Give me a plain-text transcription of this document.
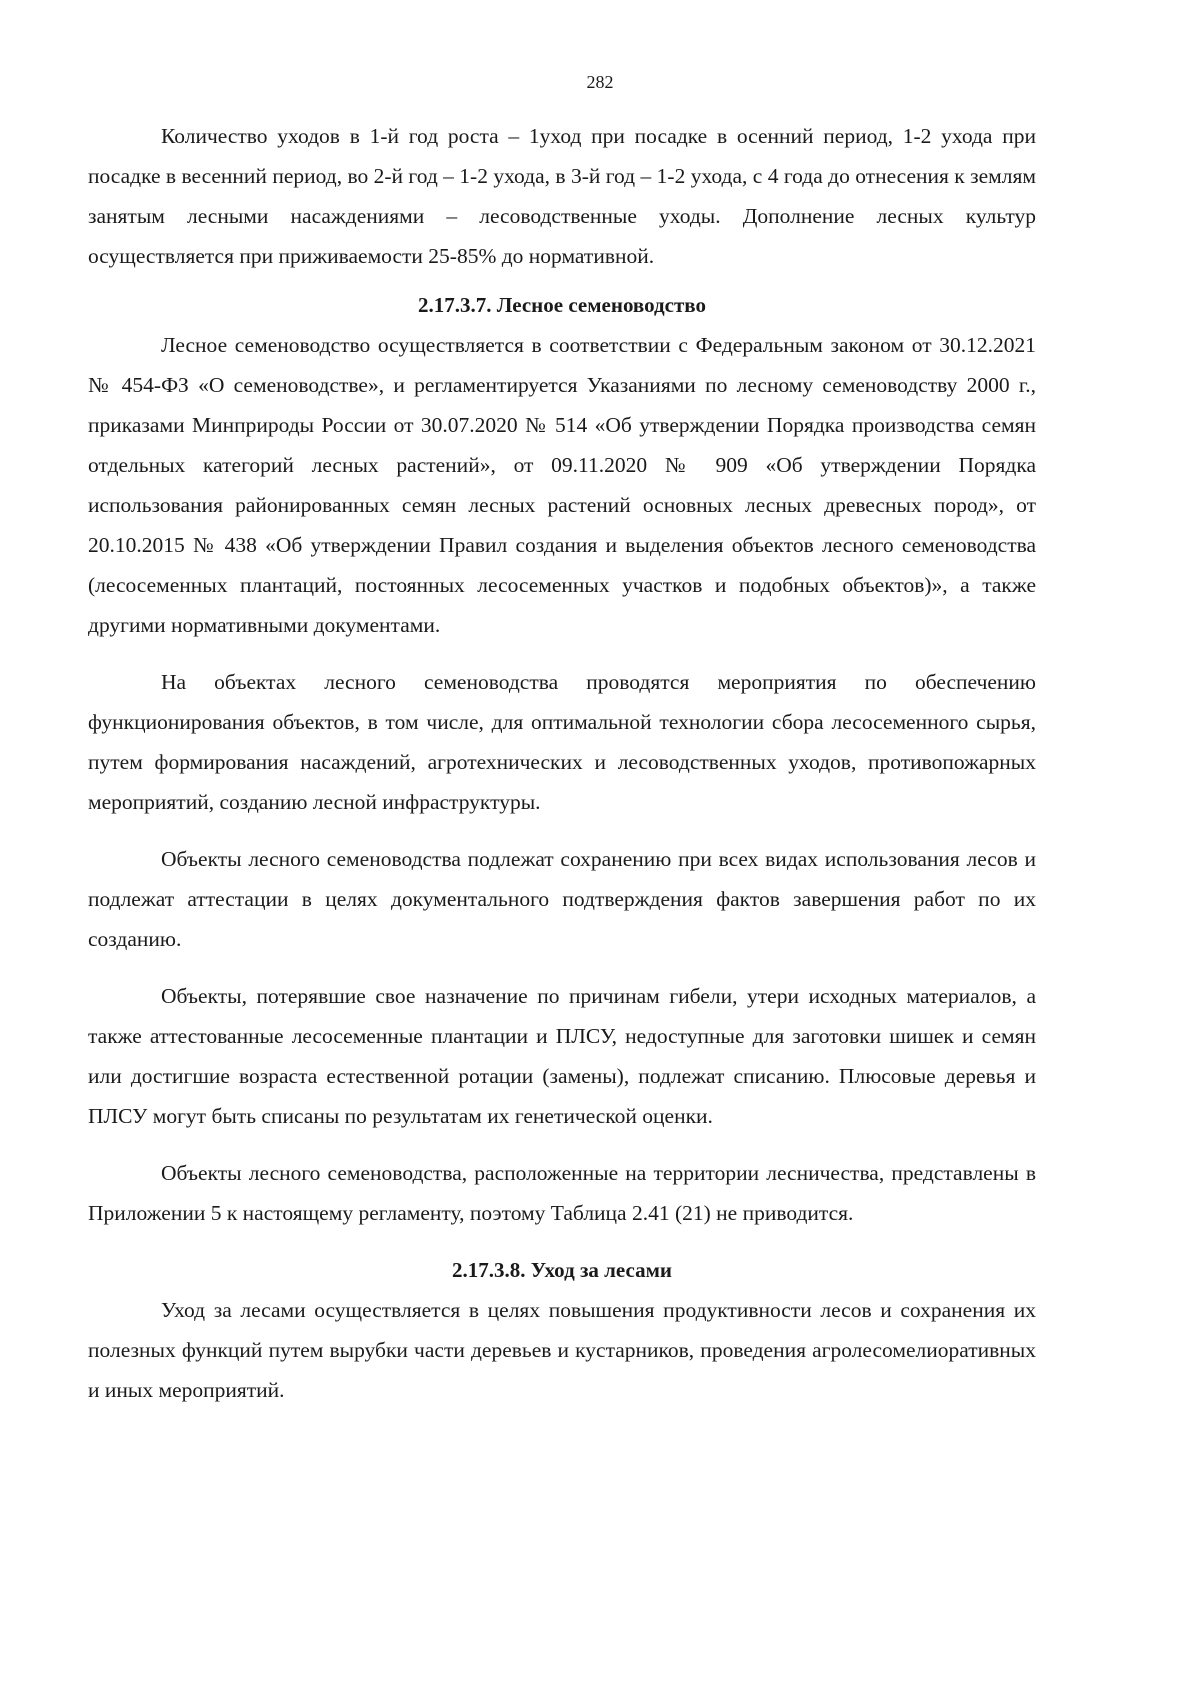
282

Количество уходов в 1-й год роста – 1уход при посадке в осенний период, 1-2 ухода при посадке в весенний период, во 2-й год – 1-2 ухода, в 3-й год – 1-2 ухода, с 4 года до отнесения к землям занятым лесными насаждениями – лесоводственные уходы. Дополнение лесных культур осуществляется при приживаемости 25-85% до нормативной.

2.17.3.7. Лесное семеноводство

Лесное семеноводство осуществляется в соответствии с Федеральным законом от 30.12.2021 № 454-ФЗ «О семеноводстве», и регламентируется Указаниями по лесному семеноводству 2000 г., приказами Минприроды России от 30.07.2020 № 514 «Об утверждении Порядка производства семян отдельных категорий лесных растений», от 09.11.2020 № 909 «Об утверждении Порядка использования районированных семян лесных растений основных лесных древесных пород», от 20.10.2015 № 438 «Об утверждении Правил создания и выделения объектов лесного семеноводства (лесосеменных плантаций, постоянных лесосеменных участков и подобных объектов)», а также другими нормативными документами.

На объектах лесного семеноводства проводятся мероприятия по обеспечению функционирования объектов, в том числе, для оптимальной технологии сбора лесосеменного сырья, путем формирования насаждений, агротехнических и лесоводственных уходов, противопожарных мероприятий, созданию лесной инфраструктуры.

Объекты лесного семеноводства подлежат сохранению при всех видах использования лесов и подлежат аттестации в целях документального подтверждения фактов завершения работ по их созданию.

Объекты, потерявшие свое назначение по причинам гибели, утери исходных материалов, а также аттестованные лесосеменные плантации и ПЛСУ, недоступные для заготовки шишек и семян или достигшие возраста естественной ротации (замены), подлежат списанию. Плюсовые деревья и ПЛСУ могут быть списаны по результатам их генетической оценки.

Объекты лесного семеноводства, расположенные на территории лесничества, представлены в Приложении 5 к настоящему регламенту, поэтому Таблица 2.41 (21) не приводится.

2.17.3.8. Уход за лесами

Уход за лесами осуществляется в целях повышения продуктивности лесов и сохранения их полезных функций путем вырубки части деревьев и кустарников, проведения агролесомелиоративных и иных мероприятий.
